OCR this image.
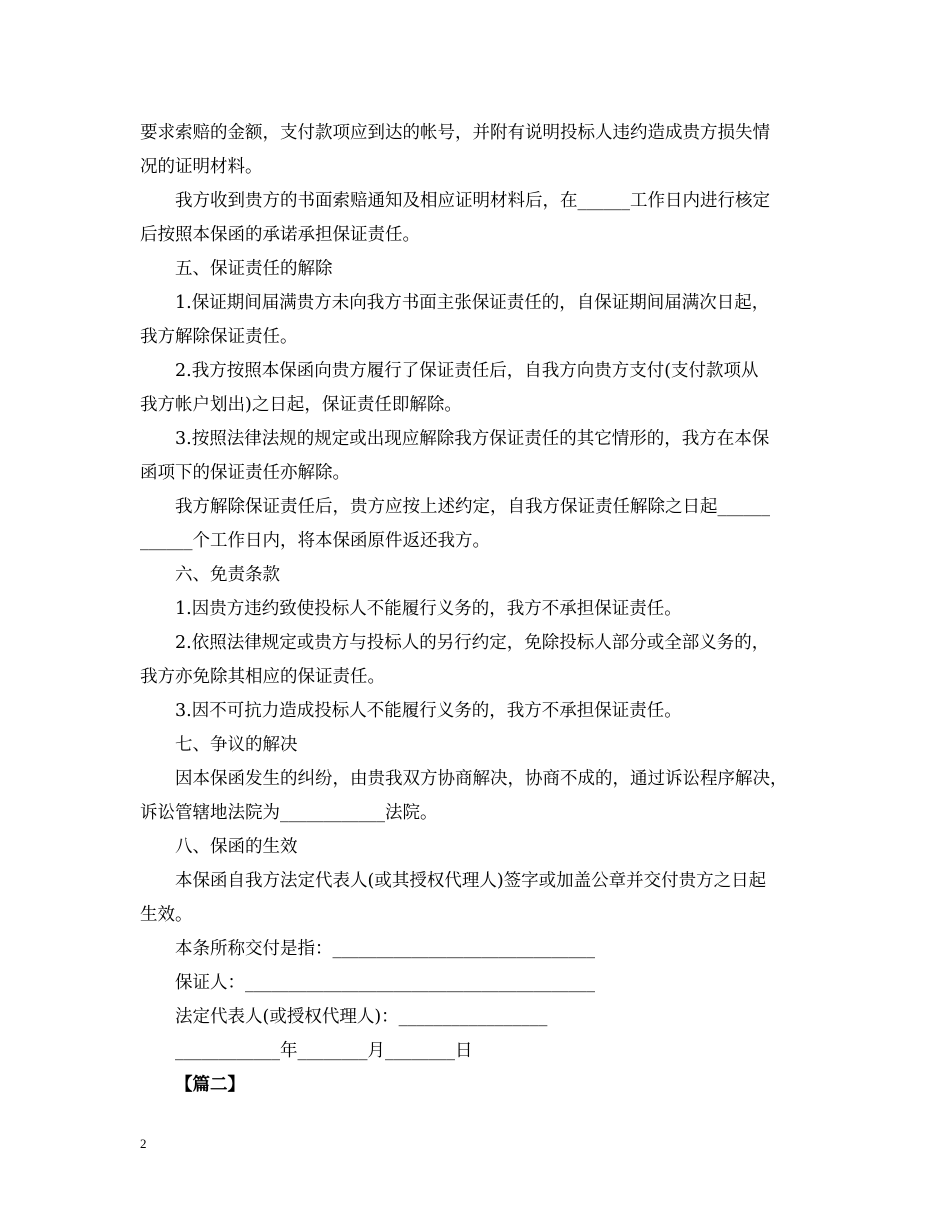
要求索赔的金额，支付款项应到达的帐号，并附有说明投标人违约造成贵方损失情
况的证明材料。
我方收到贵方的书面索赔通知及相应证明材料后，在______工作日内进行核定
后按照本保函的承诺承担保证责任。
五、保证责任的解除
1.保证期间届满贵方未向我方书面主张保证责任的，自保证期间届满次日起，
我方解除保证责任。
2.我方按照本保函向贵方履行了保证责任后，自我方向贵方支付(支付款项从
我方帐户划出)之日起，保证责任即解除。
3.按照法律法规的规定或出现应解除我方保证责任的其它情形的，我方在本保
函项下的保证责任亦解除。
我方解除保证责任后，贵方应按上述约定，自我方保证责任解除之日起______
______个工作日内，将本保函原件返还我方。
六、免责条款
1.因贵方违约致使投标人不能履行义务的，我方不承担保证责任。
2.依照法律规定或贵方与投标人的另行约定，免除投标人部分或全部义务的，
我方亦免除其相应的保证责任。
3.因不可抗力造成投标人不能履行义务的，我方不承担保证责任。
七、争议的解决
因本保函发生的纠纷，由贵我双方协商解决，协商不成的，通过诉讼程序解决，
诉讼管辖地法院为____________法院。
八、保函的生效
本保函自我方法定代表人(或其授权代理人)签字或加盖公章并交付贵方之日起
生效。
本条所称交付是指：______________________________
保证人：________________________________________
法定代表人(或授权代理人)：_________________
____________年________月________日
【篇二】
2
